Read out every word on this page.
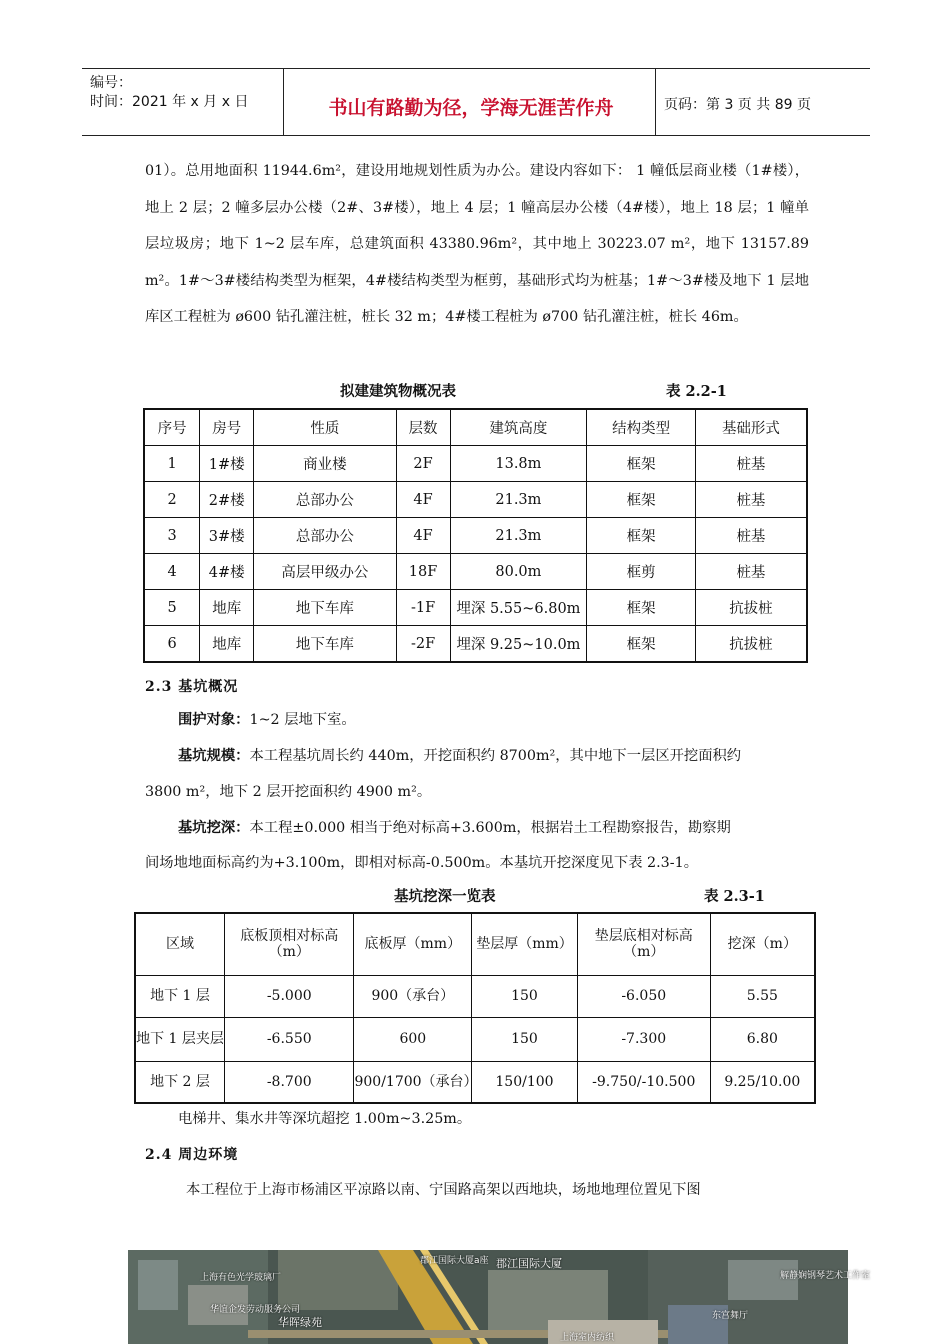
编号：
时间：2021 年 x 月 x 日	书山有路勤为径，学海无涯苦作舟	页码：第 3 页 共 89 页
01）。总用地面积 11944.6m²，建设用地规划性质为办公。建设内容如下： 1 幢低层商业楼（1#楼），地上 2 层；2 幢多层办公楼（2#、3#楼），地上 4 层；1 幢高层办公楼（4#楼），地上 18 层；1 幢单层垃圾房；地下 1~2 层车库，总建筑面积 43380.96m²，其中地上 30223.07 m²，地下 13157.89 m²。1#～3#楼结构类型为框架，4#楼结构类型为框剪，基础形式均为桩基；1#～3#楼及地下 1 层地库区工程桩为 ø600 钻孔灌注桩，桩长 32 m；4#楼工程桩为 ø700 钻孔灌注桩，桩长 46m。
拟建建筑物概况表	表 2.2-1
序号	房号	性质	层数	建筑高度	结构类型	基础形式
1	1#楼	商业楼	2F	13.8m	框架	桩基
2	2#楼	总部办公	4F	21.3m	框架	桩基
3	3#楼	总部办公	4F	21.3m	框架	桩基
4	4#楼	高层甲级办公	18F	80.0m	框剪	桩基
5	地库	地下车库	-1F	埋深 5.55~6.80m	框架	抗拔桩
6	地库	地下车库	-2F	埋深 9.25~10.0m	框架	抗拔桩
2.3 基坑概况
围护对象：1~2 层地下室。
基坑规模：本工程基坑周长约 440m，开挖面积约 8700m²，其中地下一层区开挖面积约
3800 m²，地下 2 层开挖面积约 4900 m²。
基坑挖深：本工程±0.000 相当于绝对标高+3.600m，根据岩土工程勘察报告，勘察期
间场地地面标高约为+3.100m，即相对标高-0.500m。本基坑开挖深度见下表 2.3-1。
基坑挖深一览表	表 2.3-1
区域	底板顶相对标高（m）	底板厚（mm）	垫层厚（mm）	垫层底相对标高（m）	挖深（m）
地下 1 层	-5.000	900（承台）	150	-6.050	5.55
地下 1 层夹层	-6.550	600	150	-7.300	6.80
地下 2 层	-8.700	900/1700（承台）	150/100	-9.750/-10.500	9.25/10.00
电梯井、集水井等深坑超挖 1.00m~3.25m。
2.4 周边环境
本工程位于上海市杨浦区平凉路以南、宁国路高架以西地块，场地地理位置见下图
郡江国际大厦a座 郡江国际大厦
上海有色光学玻璃厂
华谊企发劳动服务公司
华晖绿苑
上海室内纺织
东宫舞厅
解静娴钢琴艺术工作室
